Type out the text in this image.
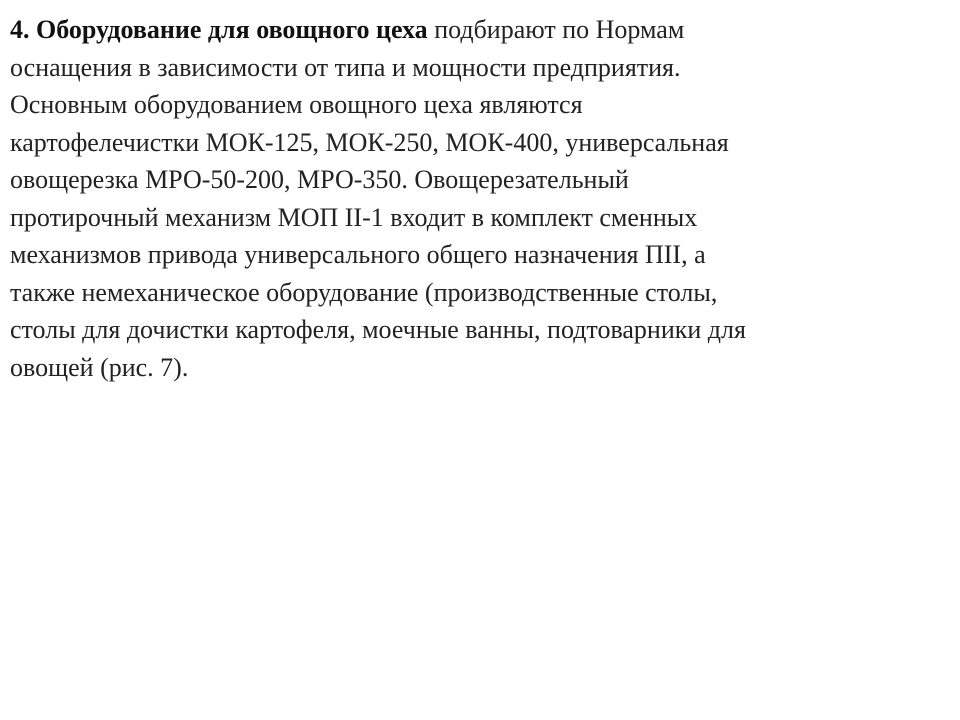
4. Оборудование для овощного цеха подбирают по Нормам
оснащения в зависимости от типа и мощности предприятия.
Основным оборудованием овощного цеха являются
картофелечистки МОК-125, МОК-250, МОК-400, универсальная
овощерезка МРО-50-200, МРО-350. Овощерезательный
протирочный механизм МОП II-1 входит в комплект сменных
механизмов привода универсального общего назначения ПII, а
также немеханическое оборудование (производственные столы,
столы для дочистки картофеля, моечные ванны, подтоварники для
овощей (рис. 7).
